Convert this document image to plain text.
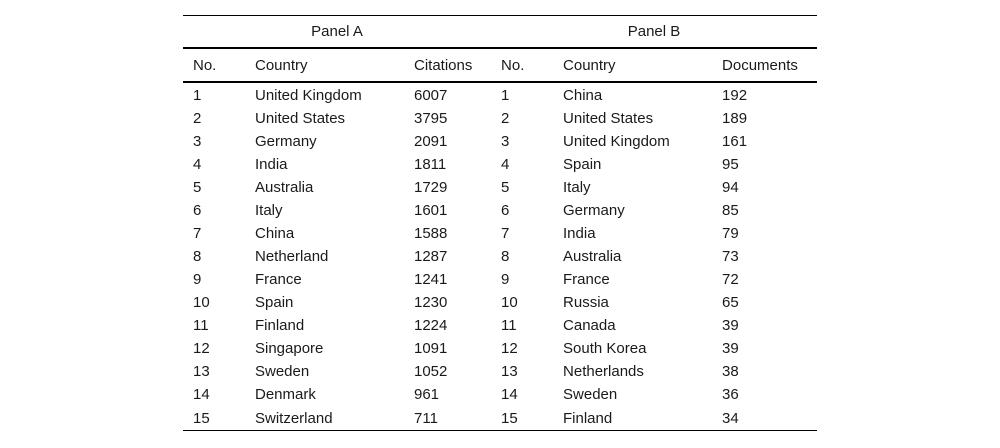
Panel A			Panel B		
No.	Country	Citations	No.	Country	Documents
1	United Kingdom	6007	1	China	192
2	United States	3795	2	United States	189
3	Germany	2091	3	United Kingdom	161
4	India	1811	4	Spain	95
5	Australia	1729	5	Italy	94
6	Italy	1601	6	Germany	85
7	China	1588	7	India	79
8	Netherland	1287	8	Australia	73
9	France	1241	9	France	72
10	Spain	1230	10	Russia	65
11	Finland	1224	11	Canada	39
12	Singapore	1091	12	South Korea	39
13	Sweden	1052	13	Netherlands	38
14	Denmark	961	14	Sweden	36
15	Switzerland	711	15	Finland	34
